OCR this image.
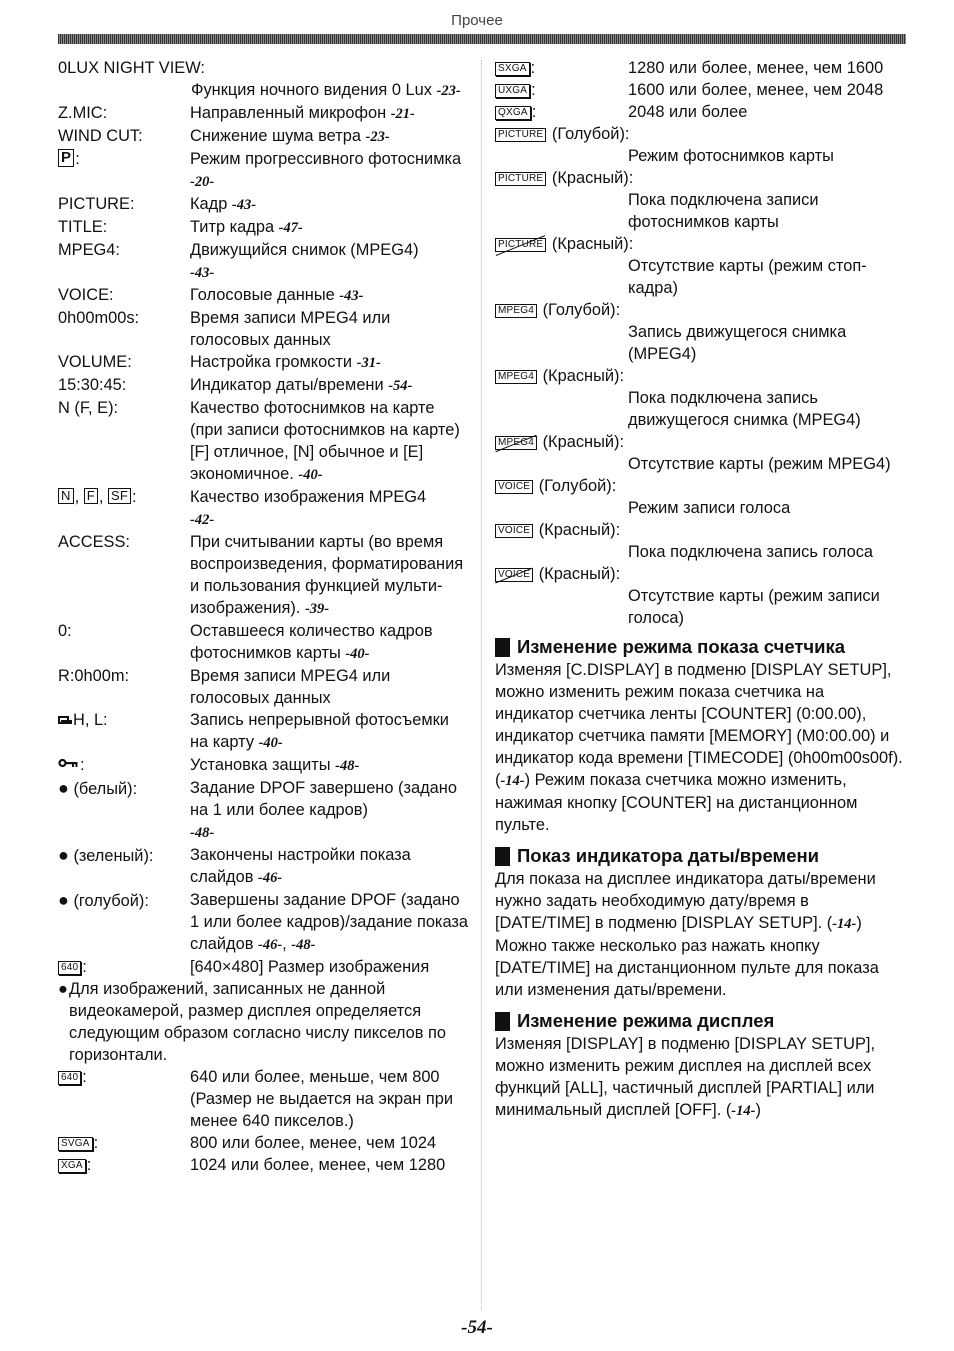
Прочее
0LUX NIGHT VIEW:
Функция ночного видения 0 Lux -23-
Z.MIC:	Направленный микрофон -21-
WIND CUT:	Снижение шума ветра -23-
P :	Режим прогрессивного фотоснимка -20-
PICTURE:	Кадр -43-
TITLE:	Титр кадра -47-
MPEG4:	Движущийся снимок (MPEG4)
-43-
VOICE:	Голосовые данные -43-
0h00m00s:	Время записи MPEG4 или голосовых данных
VOLUME:	Настройка громкости -31-
15:30:45:	Индикатор даты/времени -54-
N (F, E):	Качество фотоснимков на карте (при записи фотоснимков на карте)
[F] отличное, [N] обычное и [E] экономичное. -40-
N , F , SF :	Качество изображения MPEG4
-42-
ACCESS:	При считывании карты (во время воспроизведения, форматирования и пользования функцией мульти-изображения). -39-
0:	Оставшееся количество кадров фотоснимков карты -40-
R:0h00m:	Время записи MPEG4 или голосовых данных
H, L:	Запись непрерывной фотосъемки на карту -40-
:	Установка защиты -48-
● (белый):	Задание DPOF завершено (задано на 1 или более кадров)
-48-
● (зеленый):	Закончены настройки показа слайдов -46-
● (голубой):	Завершены задание DPOF (задано 1 или более кадров)/задание показа слайдов -46-, -48-
640 :	[640×480] Размер изображения
● Для изображений, записанных не данной видеокамерой, размер дисплея определяется следующим образом согласно числу пикселов по горизонтали.
640 :	640 или более, меньше, чем 800 (Размер не выдается на экран при менее 640 пикселов.)
SVGA :	800 или более, менее, чем 1024
XGA :	1024 или более, менее, чем 1280
SXGA :	1280 или более, менее, чем 1600
UXGA :	1600 или более, менее, чем 2048
QXGA :	2048 или более
PICTURE (Голубой):
Режим фотоснимков карты
PICTURE (Красный):
Пока подключена записи фотоснимков карты
PICTURE (Красный):
Отсутствие карты (режим стоп-кадра)
MPEG4 (Голубой):
Запись движущегося снимка (MPEG4)
MPEG4 (Красный):
Пока подключена запись движущегося снимка (MPEG4)
MPEG4 (Красный):
Отсутствие карты (режим MPEG4)
VOICE (Голубой):
Режим записи голоса
VOICE (Красный):
Пока подключена запись голоса
VOICE (Красный):
Отсутствие карты (режим записи голоса)
Изменение режима показа счетчика
Изменяя [C.DISPLAY] в подменю [DISPLAY SETUP], можно изменить режим показа счетчика на индикатор счетчика ленты [COUNTER] (0:00.00), индикатор счетчика памяти [MEMORY] (M0:00.00) и индикатор кода времени [TIMECODE] (0h00m00s00f).
(-14-) Режим показа счетчика можно изменить, нажимая кнопку [COUNTER] на дистанционном пульте.
Показ индикатора даты/времени
Для показа на дисплее индикатора даты/времени нужно задать необходимую дату/время в [DATE/TIME] в подменю [DISPLAY SETUP]. (-14-)
Можно также несколько раз нажать кнопку [DATE/TIME] на дистанционном пульте для показа или изменения даты/времени.
Изменение режима дисплея
Изменяя [DISPLAY] в подменю [DISPLAY SETUP], можно изменить режим дисплея на дисплей всех функций [ALL], частичный дисплей [PARTIAL] или минимальный дисплей [OFF]. (-14-)
-54-
